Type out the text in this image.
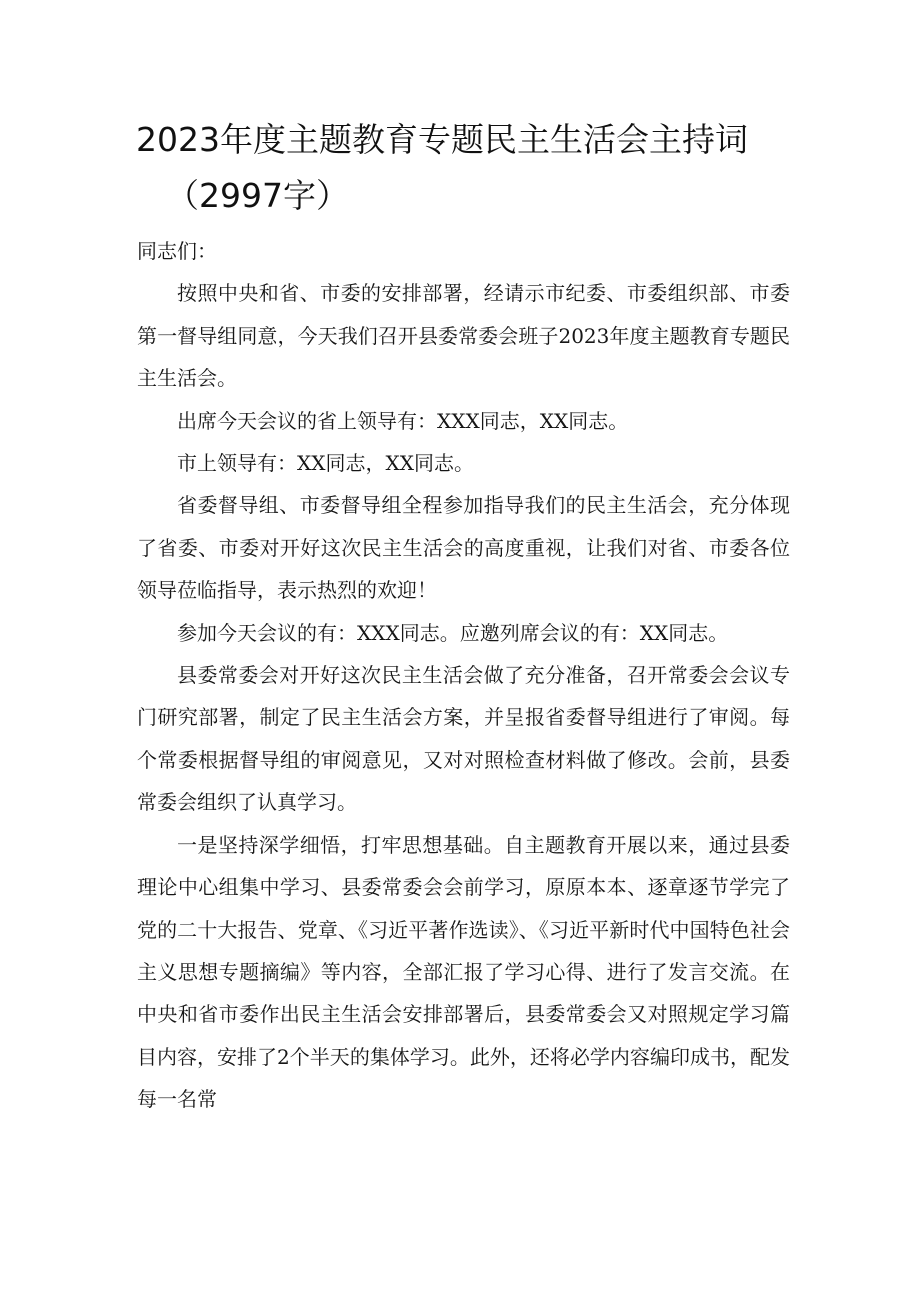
2023年度主题教育专题民主生活会主持词
（2997字）

同志们：

按照中央和省、市委的安排部署，经请示市纪委、市委组织部、市委第一督导组同意，今天我们召开县委常委会班子2023年度主题教育专题民主生活会。

出席今天会议的省上领导有：XXX同志，XX同志。

市上领导有：XX同志，XX同志。

省委督导组、市委督导组全程参加指导我们的民主生活会，充分体现了省委、市委对开好这次民主生活会的高度重视，让我们对省、市委各位领导莅临指导，表示热烈的欢迎！

参加今天会议的有：XXX同志。应邀列席会议的有：XX同志。

县委常委会对开好这次民主生活会做了充分准备，召开常委会会议专门研究部署，制定了民主生活会方案，并呈报省委督导组进行了审阅。每个常委根据督导组的审阅意见，又对对照检查材料做了修改。会前，县委常委会组织了认真学习。

一是坚持深学细悟，打牢思想基础。自主题教育开展以来，通过县委理论中心组集中学习、县委常委会会前学习，原原本本、逐章逐节学完了党的二十大报告、党章、《习近平著作选读》、《习近平新时代中国特色社会主义思想专题摘编》等内容，全部汇报了学习心得、进行了发言交流。在中央和省市委作出民主生活会安排部署后，县委常委会又对照规定学习篇目内容，安排了2个半天的集体学习。此外，还将必学内容编印成书，配发每一名常
